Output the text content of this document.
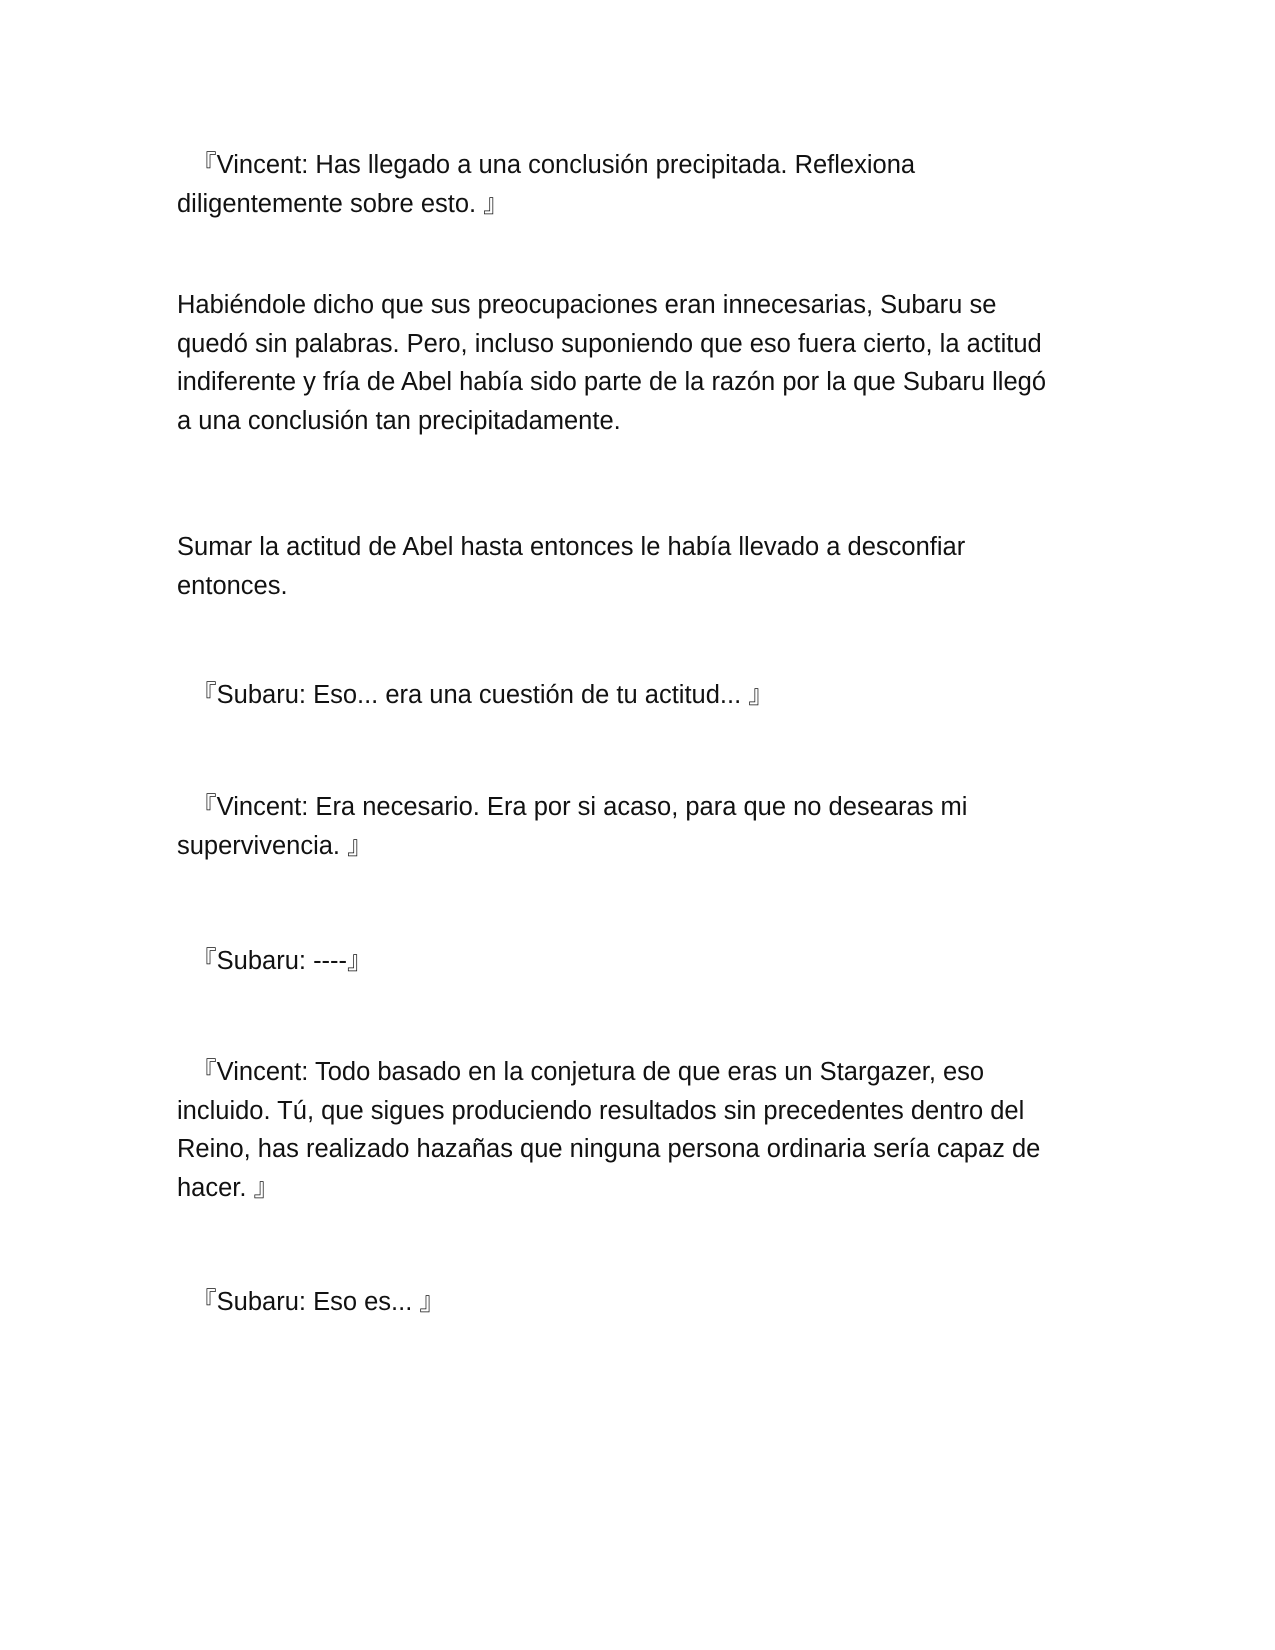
『Vincent: Has llegado a una conclusión precipitada. Reflexiona
diligentemente sobre esto. 』

Habiéndole dicho que sus preocupaciones eran innecesarias, Subaru se
quedó sin palabras. Pero, incluso suponiendo que eso fuera cierto, la actitud
indiferente y fría de Abel había sido parte de la razón por la que Subaru llegó
a una conclusión tan precipitadamente.

Sumar la actitud de Abel hasta entonces le había llevado a desconfiar
entonces.

『Subaru: Eso... era una cuestión de tu actitud... 』

『Vincent: Era necesario. Era por si acaso, para que no desearas mi
supervivencia. 』

『Subaru: ----』

『Vincent: Todo basado en la conjetura de que eras un Stargazer, eso
incluido. Tú, que sigues produciendo resultados sin precedentes dentro del
Reino, has realizado hazañas que ninguna persona ordinaria sería capaz de
hacer. 』

『Subaru: Eso es... 』
